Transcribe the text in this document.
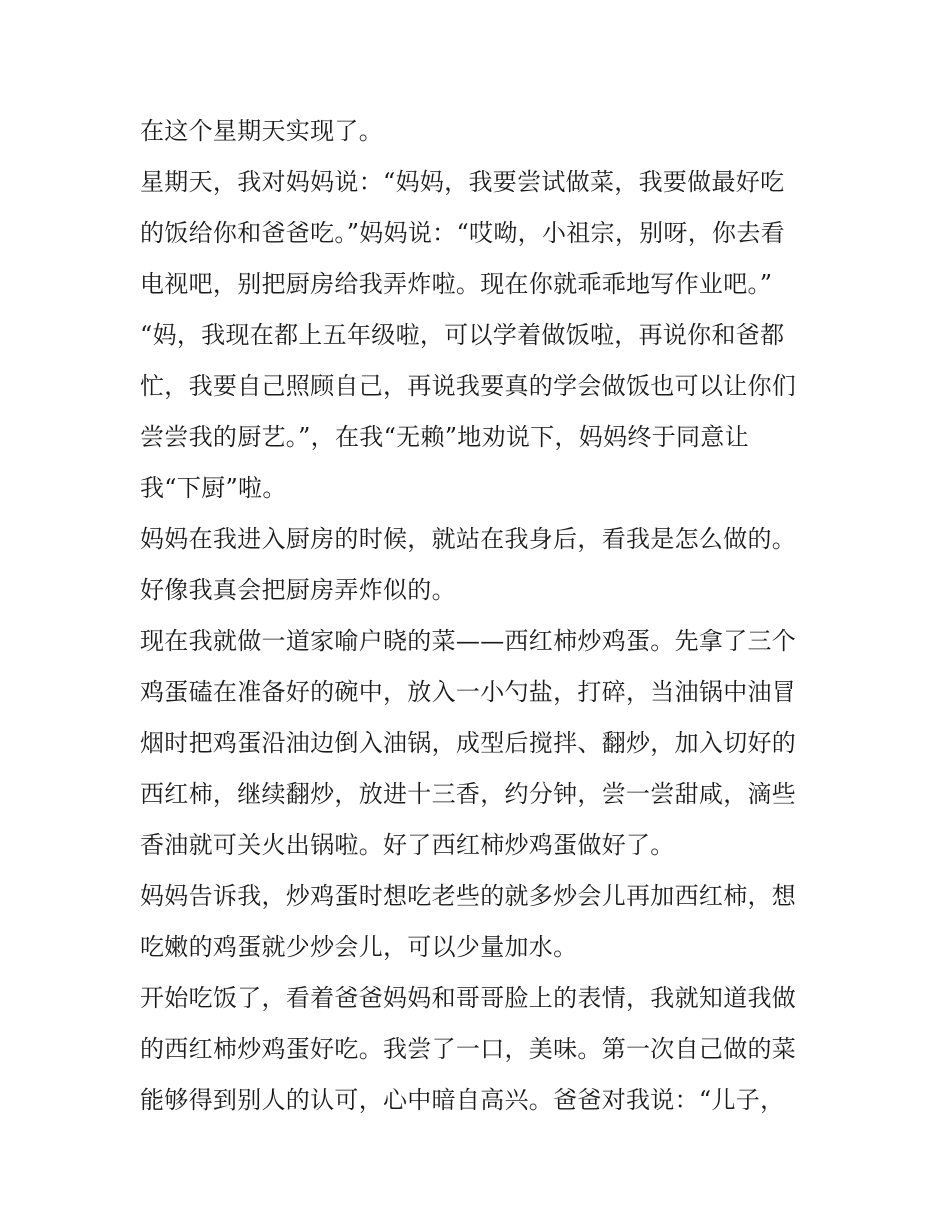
在这个星期天实现了。
星期天，我对妈妈说：“妈妈，我要尝试做菜，我要做最好吃
的饭给你和爸爸吃。”妈妈说：“哎呦，小祖宗，别呀，你去看
电视吧，别把厨房给我弄炸啦。现在你就乖乖地写作业吧。”
“妈，我现在都上五年级啦，可以学着做饭啦，再说你和爸都
忙，我要自己照顾自己，再说我要真的学会做饭也可以让你们
尝尝我的厨艺。”，在我“无赖”地劝说下，妈妈终于同意让
我“下厨”啦。
妈妈在我进入厨房的时候，就站在我身后，看我是怎么做的。
好像我真会把厨房弄炸似的。
现在我就做一道家喻户晓的菜——西红柿炒鸡蛋。先拿了三个
鸡蛋磕在准备好的碗中，放入一小勺盐，打碎，当油锅中油冒
烟时把鸡蛋沿油边倒入油锅，成型后搅拌、翻炒，加入切好的
西红柿，继续翻炒，放进十三香，约分钟，尝一尝甜咸，滴些
香油就可关火出锅啦。好了西红柿炒鸡蛋做好了。
妈妈告诉我，炒鸡蛋时想吃老些的就多炒会儿再加西红柿，想
吃嫩的鸡蛋就少炒会儿，可以少量加水。
开始吃饭了，看着爸爸妈妈和哥哥脸上的表情，我就知道我做
的西红柿炒鸡蛋好吃。我尝了一口，美味。第一次自己做的菜
能够得到别人的认可，心中暗自高兴。爸爸对我说：“儿子，
